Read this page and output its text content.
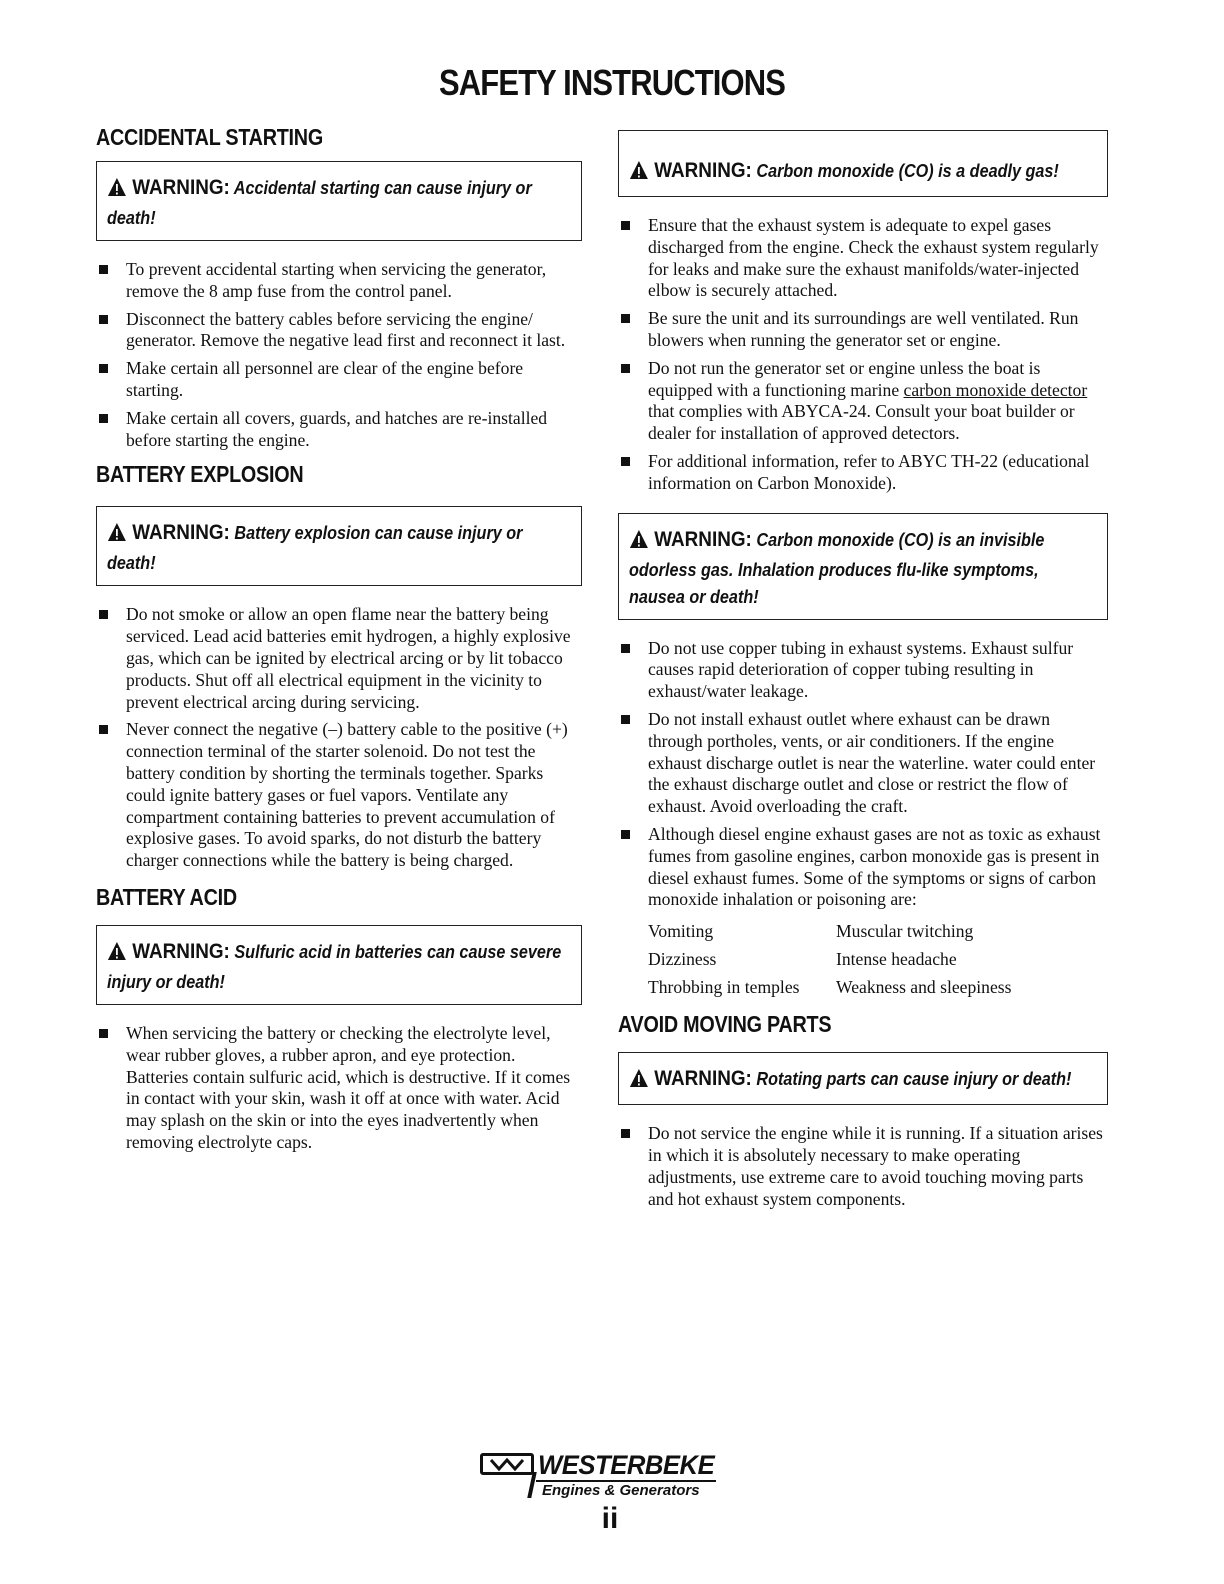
SAFETY INSTRUCTIONS
ACCIDENTAL STARTING
WARNING: Accidental starting can cause injury or death!
To prevent accidental starting when servicing the generator, remove the 8 amp fuse from the control panel.
Disconnect the battery cables before servicing the engine/ generator. Remove the negative lead first and reconnect it last.
Make certain all personnel are clear of the engine before starting.
Make certain all covers, guards, and hatches are re-installed before starting the engine.
BATTERY EXPLOSION
WARNING: Battery explosion can cause injury or death!
Do not smoke or allow an open flame near the battery being serviced. Lead acid batteries emit hydrogen, a highly explosive gas, which can be ignited by electrical arcing or by lit tobacco products. Shut off all electrical equipment in the vicinity to prevent electrical arcing during servicing.
Never connect the negative (–) battery cable to the positive (+) connection terminal of the starter solenoid. Do not test the battery condition by shorting the terminals together. Sparks could ignite battery gases or fuel vapors. Ventilate any compartment containing batteries to prevent accumulation of explosive gases. To avoid sparks, do not disturb the battery charger connections while the battery is being charged.
BATTERY ACID
WARNING: Sulfuric acid in batteries can cause severe injury or death!
When servicing the battery or checking the electrolyte level, wear rubber gloves, a rubber apron, and eye protection. Batteries contain sulfuric acid, which is destructive. If it comes in contact with your skin, wash it off at once with water. Acid may splash on the skin or into the eyes inadvertently when removing electrolyte caps.
WARNING: Carbon monoxide (CO) is a deadly gas!
Ensure that the exhaust system is adequate to expel gases discharged from the engine. Check the exhaust system regularly for leaks and make sure the exhaust manifolds/water-injected elbow is securely attached.
Be sure the unit and its surroundings are well ventilated. Run blowers when running the generator set or engine.
Do not run the generator set or engine unless the boat is equipped with a functioning marine carbon monoxide detector that complies with ABYCA-24. Consult your boat builder or dealer for installation of approved detectors.
For additional information, refer to ABYC TH-22 (educational information on Carbon Monoxide).
WARNING: Carbon monoxide (CO) is an invisible odorless gas. Inhalation produces flu-like symptoms, nausea or death!
Do not use copper tubing in exhaust systems. Exhaust sulfur causes rapid deterioration of copper tubing resulting in exhaust/water leakage.
Do not install exhaust outlet where exhaust can be drawn through portholes, vents, or air conditioners. If the engine exhaust discharge outlet is near the waterline. water could enter the exhaust discharge outlet and close or restrict the flow of exhaust. Avoid overloading the craft.
Although diesel engine exhaust gases are not as toxic as exhaust fumes from gasoline engines, carbon monoxide gas is present in diesel exhaust fumes. Some of the symptoms or signs of carbon monoxide inhalation or poisoning are:
Vomiting	Muscular twitching
Dizziness	Intense headache
Throbbing in temples	Weakness and sleepiness
AVOID MOVING PARTS
WARNING: Rotating parts can cause injury or death!
Do not service the engine while it is running. If a situation arises in which it is absolutely necessary to make operating adjustments, use extreme care to avoid touching moving parts and hot exhaust system components.
WESTERBEKE
Engines & Generators
ii
